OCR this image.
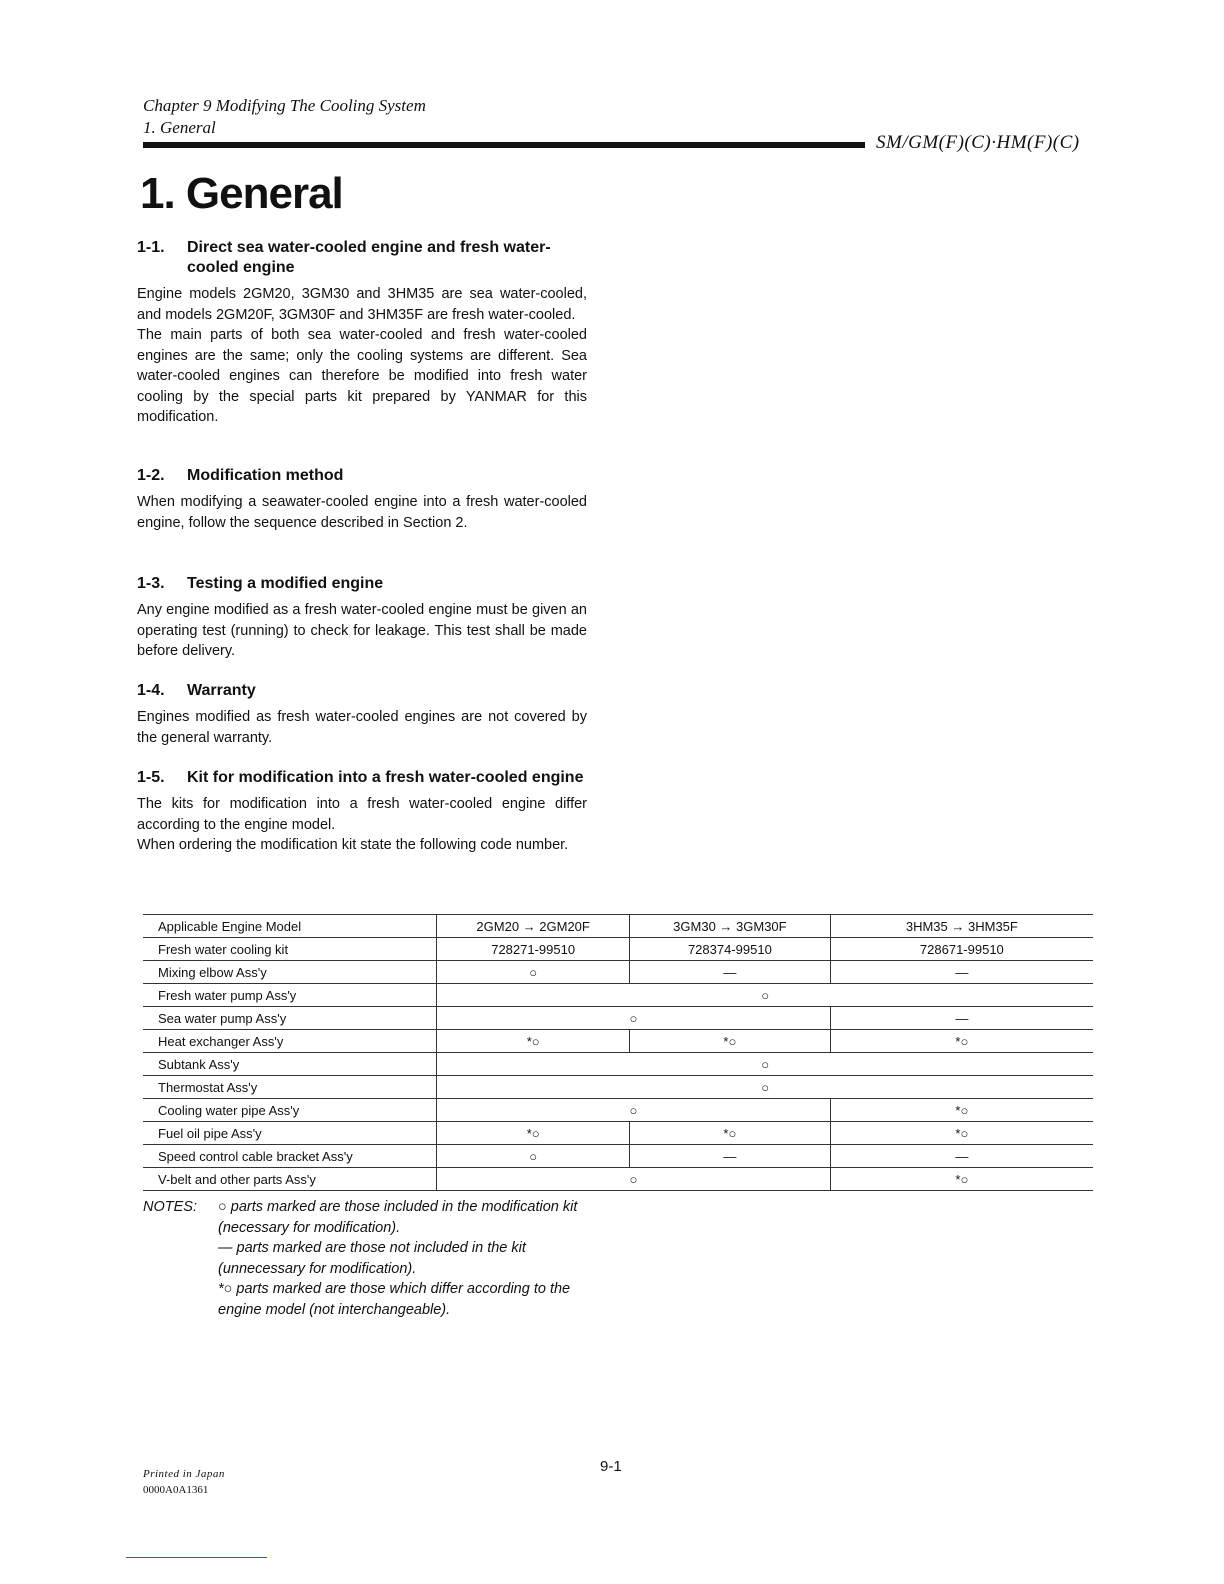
Chapter 9 Modifying The Cooling System
1. General
SM/GM(F)(C)·HM(F)(C)
1. General
1-1. Direct sea water-cooled engine and fresh water-cooled engine

Engine models 2GM20, 3GM30 and 3HM35 are sea water-cooled, and models 2GM20F, 3GM30F and 3HM35F are fresh water-cooled.

The main parts of both sea water-cooled and fresh water-cooled engines are the same; only the cooling systems are different. Sea water-cooled engines can therefore be modified into fresh water cooling by the special parts kit prepared by YANMAR for this modification.

1-2. Modification method

When modifying a seawater-cooled engine into a fresh water-cooled engine, follow the sequence described in Section 2.

1-3. Testing a modified engine

Any engine modified as a fresh water-cooled engine must be given an operating test (running) to check for leakage. This test shall be made before delivery.

1-4. Warranty

Engines modified as fresh water-cooled engines are not covered by the general warranty.

1-5. Kit for modification into a fresh water-cooled engine

The kits for modification into a fresh water-cooled engine differ according to the engine model.

When ordering the modification kit state the following code number.

Applicable Engine Model	2GM20 → 2GM20F	3GM30 → 3GM30F	3HM35 → 3HM35F
Fresh water cooling kit	728271-99510	728374-99510	728671-99510
Mixing elbow Ass'y	○	—	—
Fresh water pump Ass'y	○		
Sea water pump Ass'y	○		—
Heat exchanger Ass'y	*○	*○	*○
Subtank Ass'y	○		
Thermostat Ass'y	○		
Cooling water pipe Ass'y	○		*○
Fuel oil pipe Ass'y	*○	*○	*○
Speed control cable bracket Ass'y	○	—	—
V-belt and other parts Ass'y	○		*○
NOTES:	○ parts marked are those included in the modification kit (necessary for modification).
— parts marked are those not included in the kit (unnecessary for modification).
*○ parts marked are those which differ according to the engine model (not interchangeable).
9-1
Printed in Japan
0000A0A1361
